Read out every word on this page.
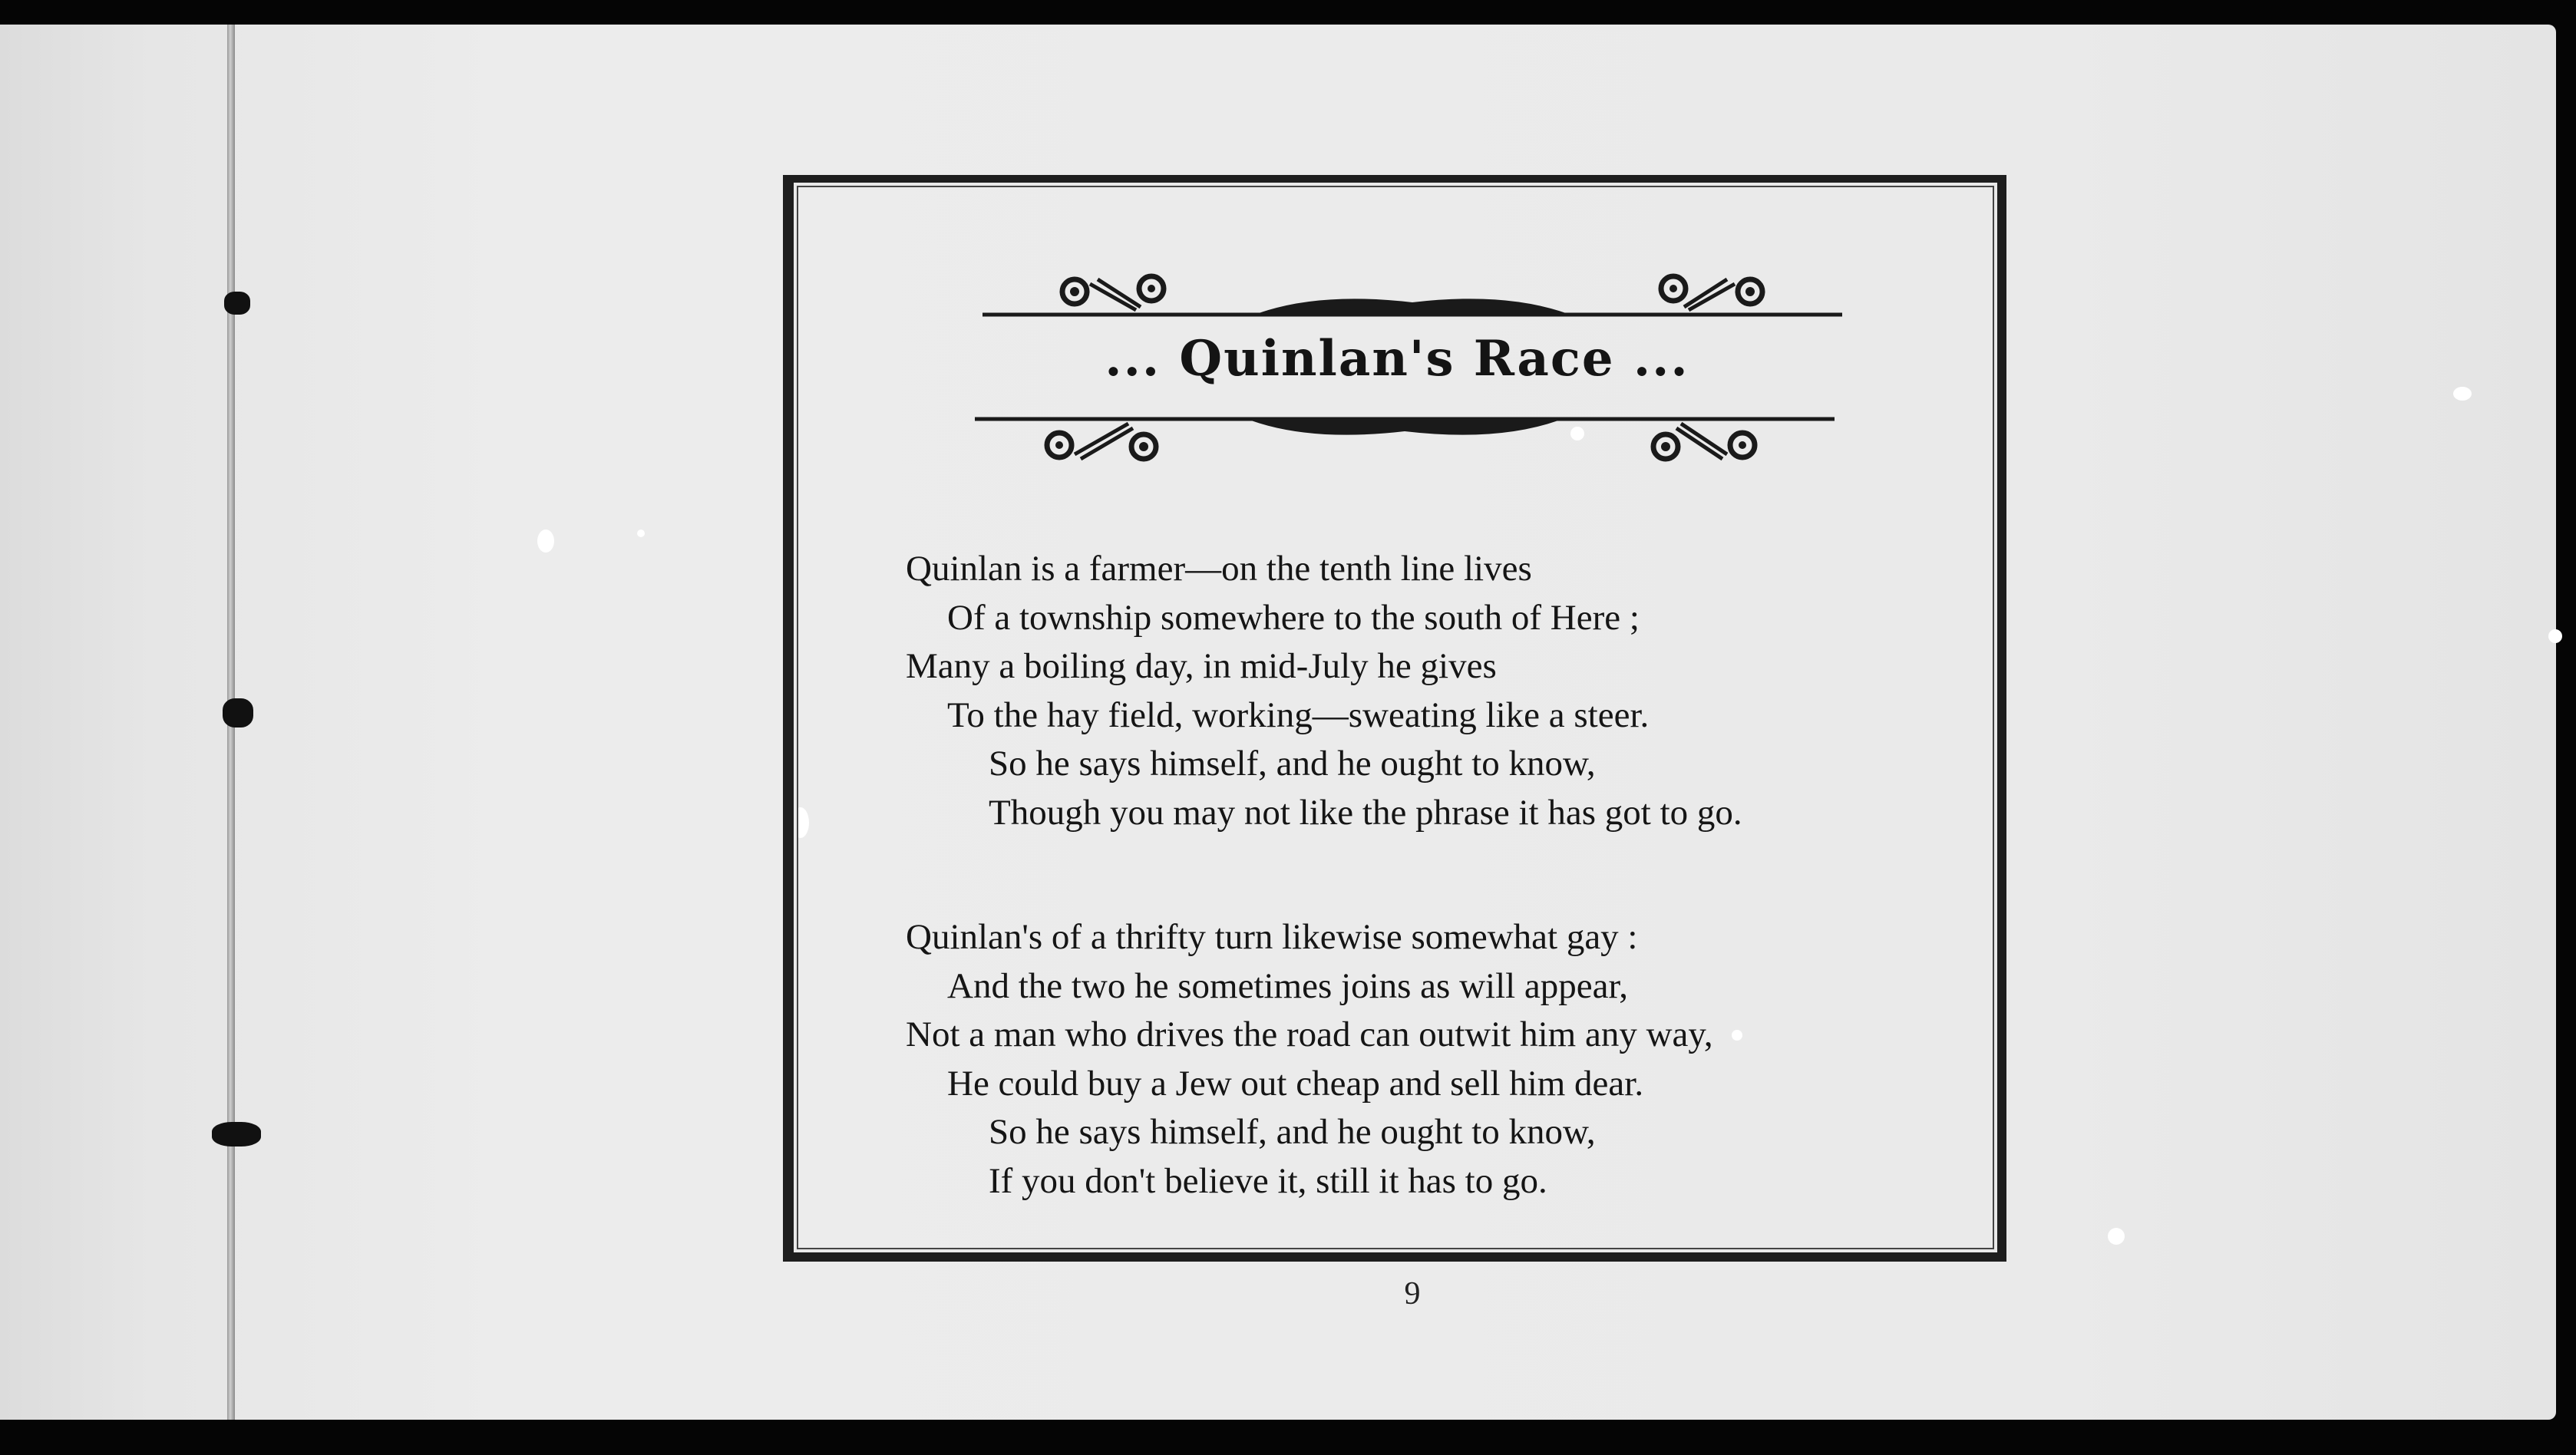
... Quinlan's Race ...
Quinlan is a farmer—on the tenth line lives
Of a township somewhere to the south of Here ;
Many a boiling day, in mid-July he gives
To the hay field, working—sweating like a steer.
So he says himself, and he ought to know,
Though you may not like the phrase it has got to go.
Quinlan's of a thrifty turn likewise somewhat gay :
And the two he sometimes joins as will appear,
Not a man who drives the road can outwit him any way,
He could buy a Jew out cheap and sell him dear.
So he says himself, and he ought to know,
If you don't believe it, still it has to go.
9
